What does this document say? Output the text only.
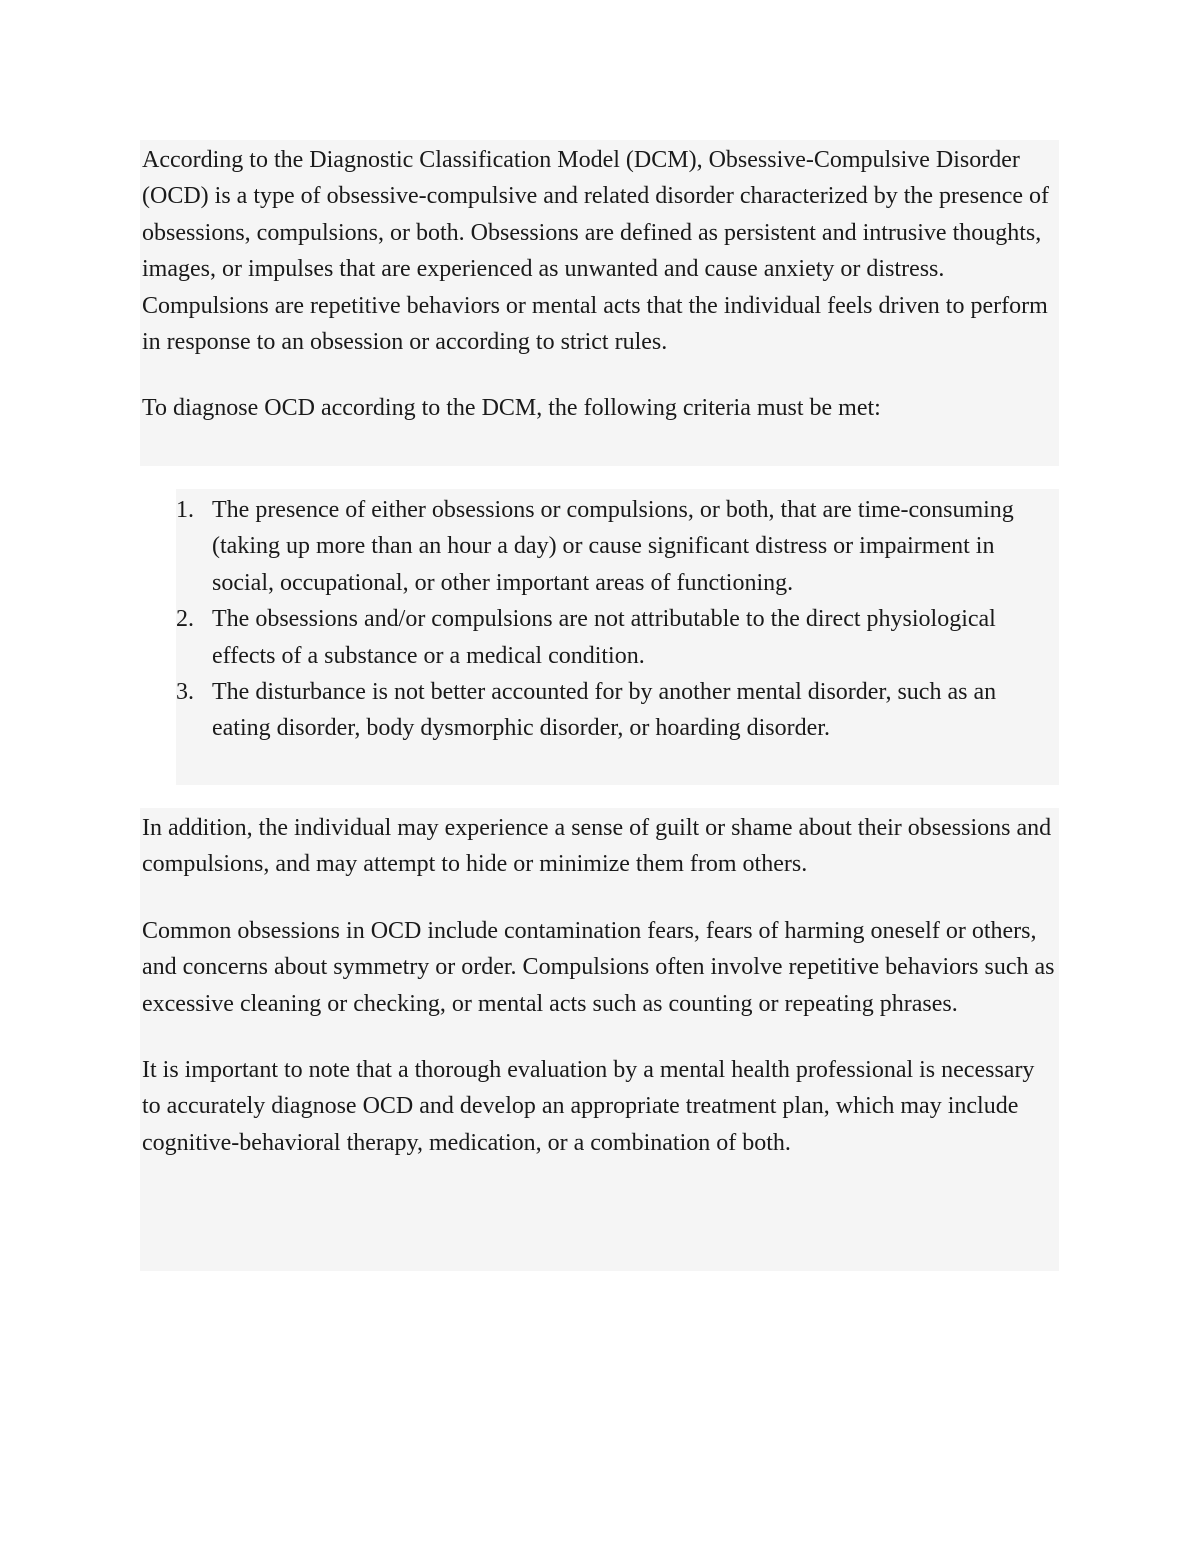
According to the Diagnostic Classification Model (DCM), Obsessive-Compulsive Disorder (OCD) is a type of obsessive-compulsive and related disorder characterized by the presence of obsessions, compulsions, or both. Obsessions are defined as persistent and intrusive thoughts, images, or impulses that are experienced as unwanted and cause anxiety or distress. Compulsions are repetitive behaviors or mental acts that the individual feels driven to perform in response to an obsession or according to strict rules.

To diagnose OCD according to the DCM, the following criteria must be met:

1. The presence of either obsessions or compulsions, or both, that are time-consuming (taking up more than an hour a day) or cause significant distress or impairment in social, occupational, or other important areas of functioning.
2. The obsessions and/or compulsions are not attributable to the direct physiological effects of a substance or a medical condition.
3. The disturbance is not better accounted for by another mental disorder, such as an eating disorder, body dysmorphic disorder, or hoarding disorder.

In addition, the individual may experience a sense of guilt or shame about their obsessions and compulsions, and may attempt to hide or minimize them from others.

Common obsessions in OCD include contamination fears, fears of harming oneself or others, and concerns about symmetry or order. Compulsions often involve repetitive behaviors such as excessive cleaning or checking, or mental acts such as counting or repeating phrases.

It is important to note that a thorough evaluation by a mental health professional is necessary to accurately diagnose OCD and develop an appropriate treatment plan, which may include cognitive-behavioral therapy, medication, or a combination of both.
